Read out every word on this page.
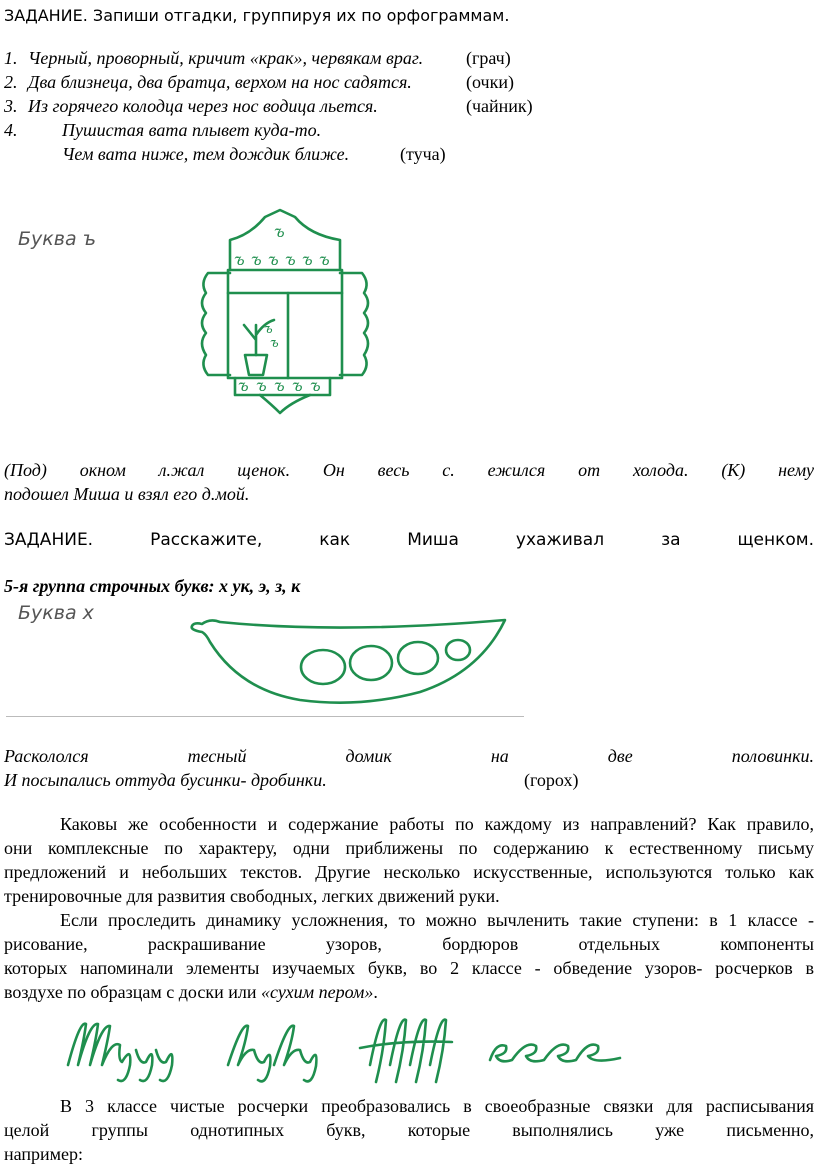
ЗАДАНИЕ. Запиши отгадки, группируя их по орфограммам.
1. Черный, проворный, кричит «крак», червякам враг. (грач)
2. Два близнеца, два братца, верхом на нос садятся.	(очки)
3. Из горячего колодца через нос водица льется.	(чайник)
4. Пушистая вата плывет куда-то.
Чем вата ниже, тем дождик ближе.	(туча)
Буква ъ	ъ
ъ ъ ъ ъ ъ ъ
ъ
ъ
ъ ъ ъ ъ ъ
(Под) окном л.жал щенок. Он весь с. ежился от холода. (К) нему
подошел Миша и взял его д.мой.
ЗАДАНИЕ.	Расскажите,	как	Миша	ухаживал	за	щенком.
5-я группа строчных букв: х ук, э, з, к
Буква х
Раскололся	тесный	домик	на	две	половинки.
И посыпались оттуда бусинки- дробинки.	(горох)
Каковы же особенности и содержание работы по каждому из направлений? Как правило,
они комплексные по характеру, одни приближены по содержанию к естественному письму
предложений и небольших текстов. Другие несколько искусственные, используются только как
тренировочные для развития свободных, легких движений руки.
Если проследить динамику усложнения, то можно вычленить такие ступени: в 1 классе -
рисование, раскрашивание узоров, бордюров отдельных компоненты
которых напоминали элементы изучаемых букв, во 2 классе - обведение узоров- росчерков в
воздухе по образцам с доски или «сухим пером».
В 3 классе чистые росчерки преобразовались в своеобразные связки для расписывания
целой группы однотипных букв, которые выполнялись уже письменно,
например:
